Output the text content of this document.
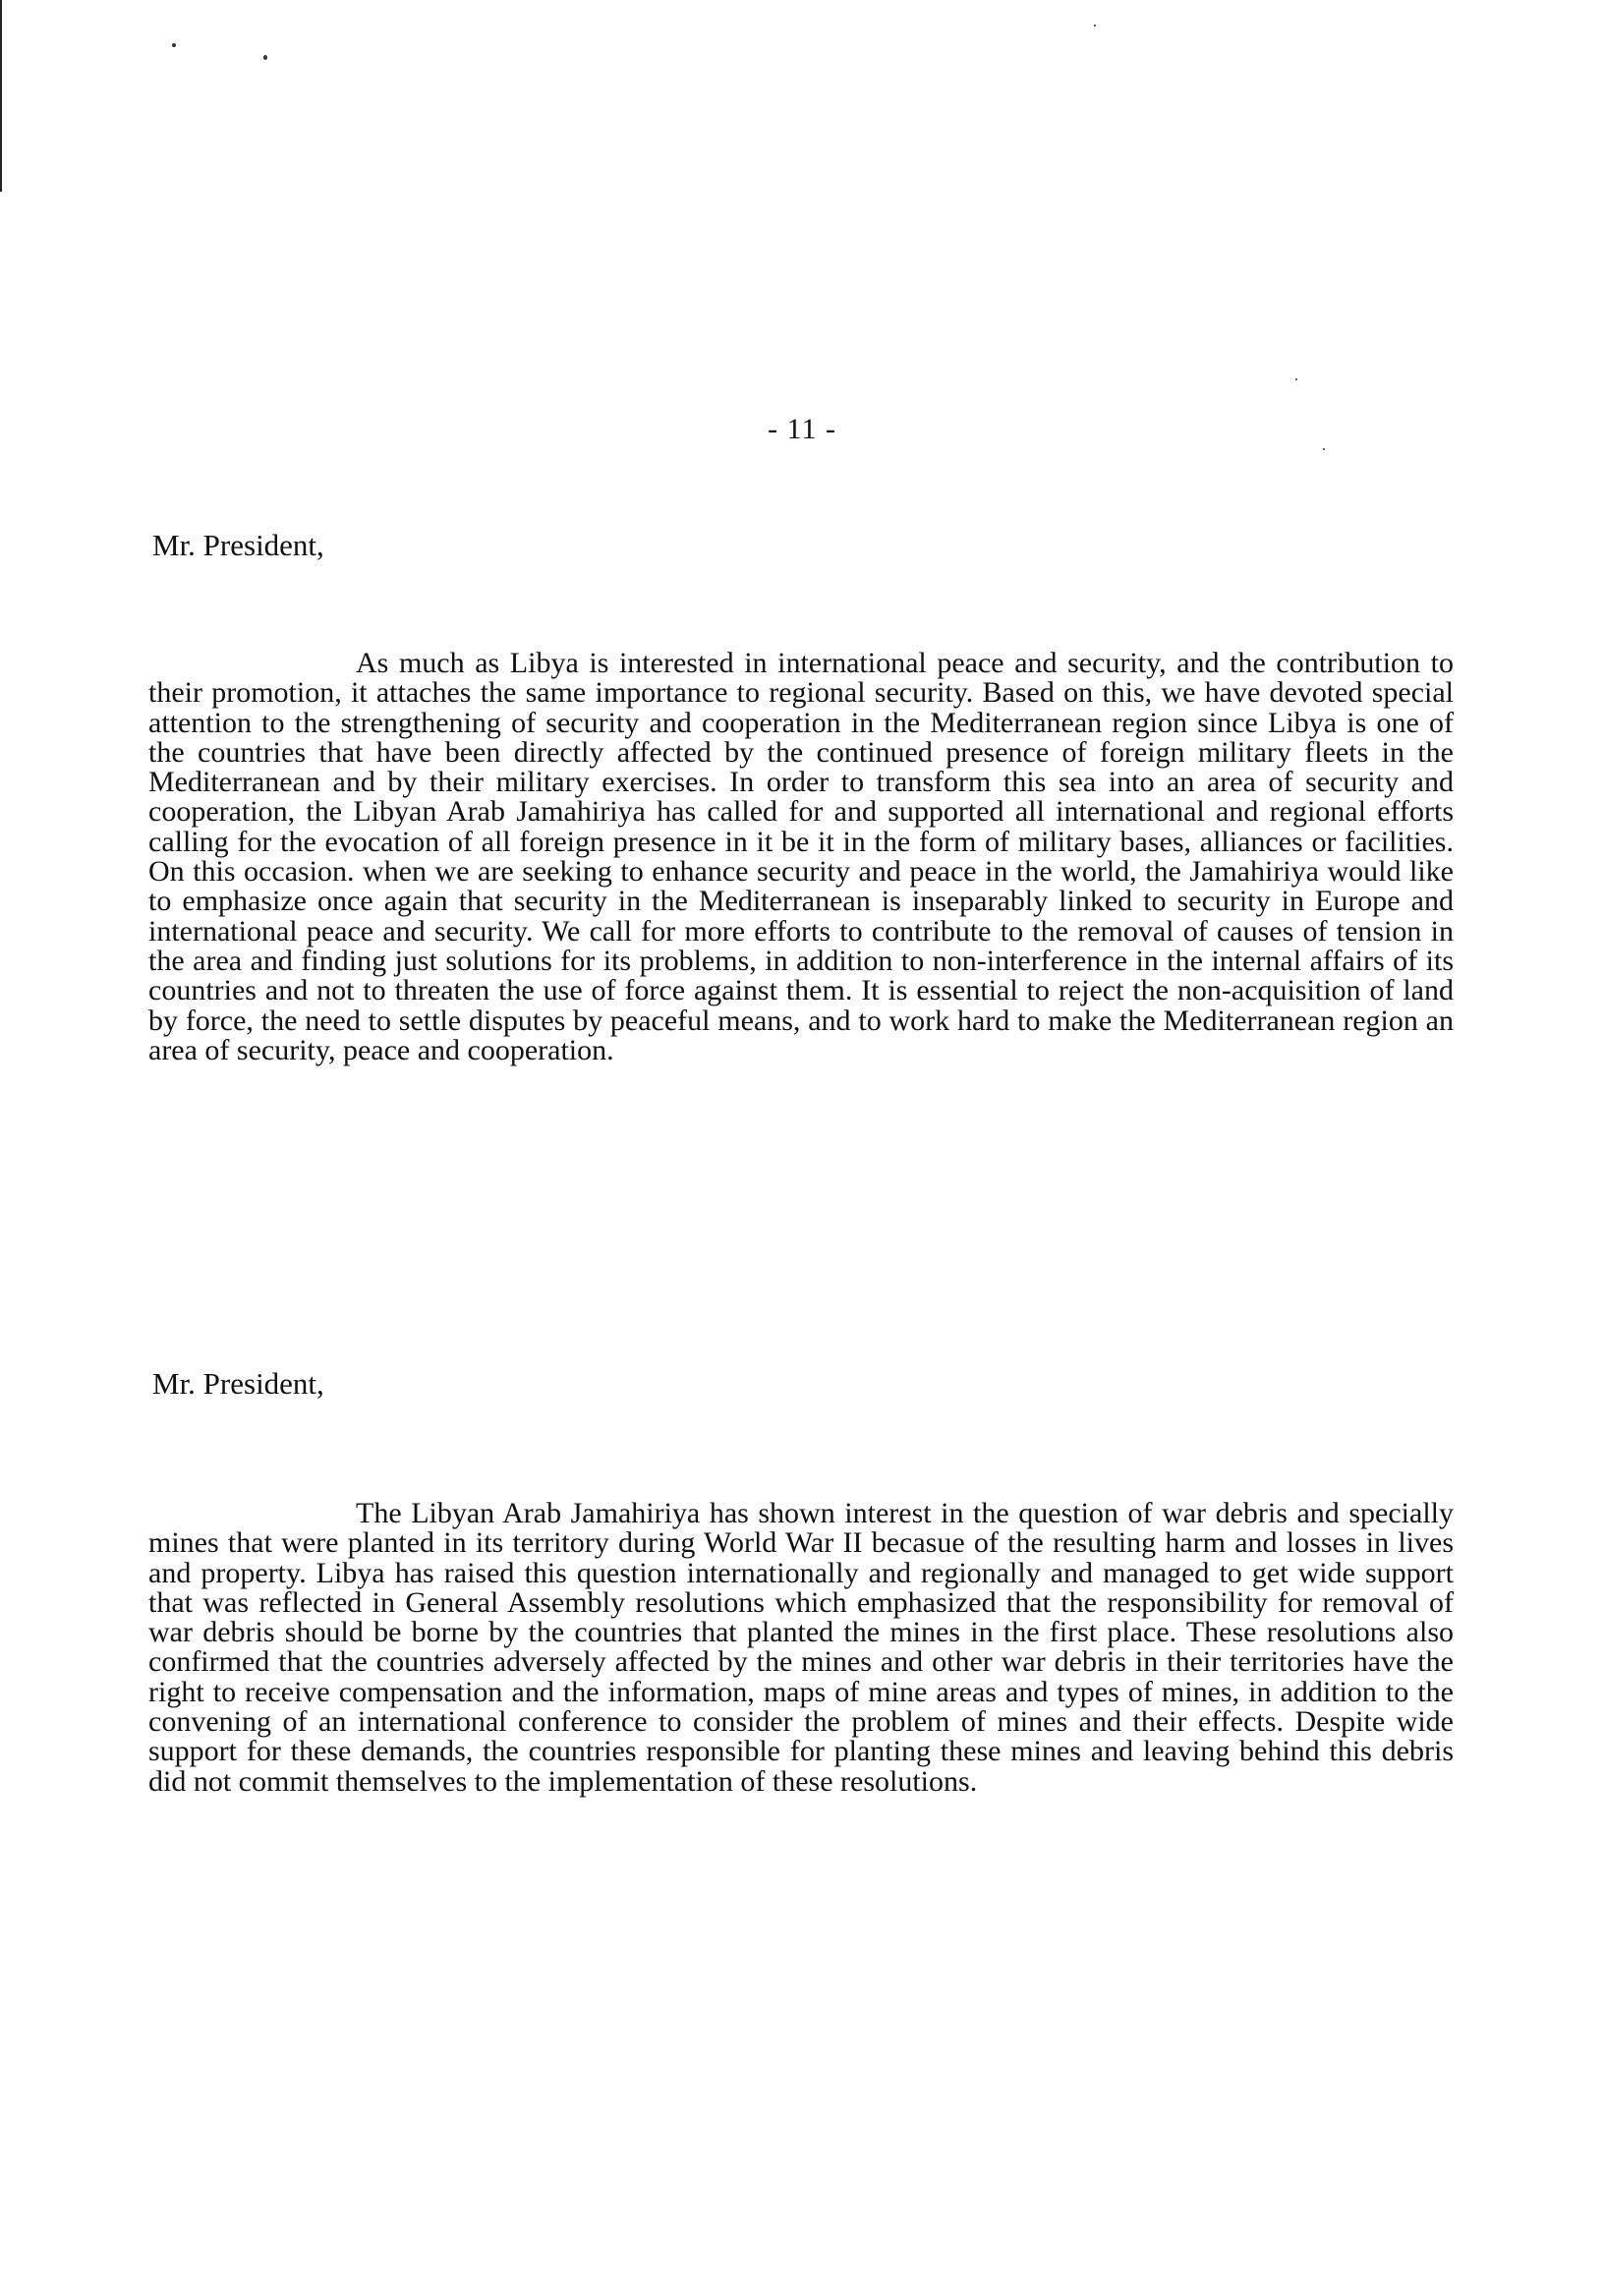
- 11 -

Mr. President,

As much as Libya is interested in international peace and security, and the contribution to their promotion, it attaches the same importance to regional security. Based on this, we have devoted special attention to the strengthening of security and cooperation in the Mediterranean region since Libya is one of the countries that have been directly affected by the continued presence of foreign military fleets in the Mediterranean and by their military exercises. In order to transform this sea into an area of security and cooperation, the Libyan Arab Jamahiriya has called for and supported all international and regional efforts calling for the evocation of all foreign presence in it be it in the form of military bases, alliances or facilities. On this occasion. when we are seeking to enhance security and peace in the world, the Jamahiriya would like to emphasize once again that security in the Mediterranean is inseparably linked to security in Europe and international peace and security. We call for more efforts to contribute to the removal of causes of tension in the area and finding just solutions for its problems, in addition to non-interference in the internal affairs of its countries and not to threaten the use of force against them. It is essential to reject the non-acquisition of land by force, the need to settle disputes by peaceful means, and to work hard to make the Mediterranean region an area of security, peace and cooperation.

Mr. President,

The Libyan Arab Jamahiriya has shown interest in the question of war debris and specially mines that were planted in its territory during World War II becasue of the resulting harm and losses in lives and property. Libya has raised this question internationally and regionally and managed to get wide support that was reflected in General Assembly resolutions which emphasized that the responsibility for removal of war debris should be borne by the countries that planted the mines in the first place. These resolutions also confirmed that the countries adversely affected by the mines and other war debris in their territories have the right to receive compensation and the information, maps of mine areas and types of mines, in addition to the convening of an international conference to consider the problem of mines and their effects. Despite wide support for these demands, the countries responsible for planting these mines and leaving behind this debris did not commit themselves to the implementation of these resolutions.
